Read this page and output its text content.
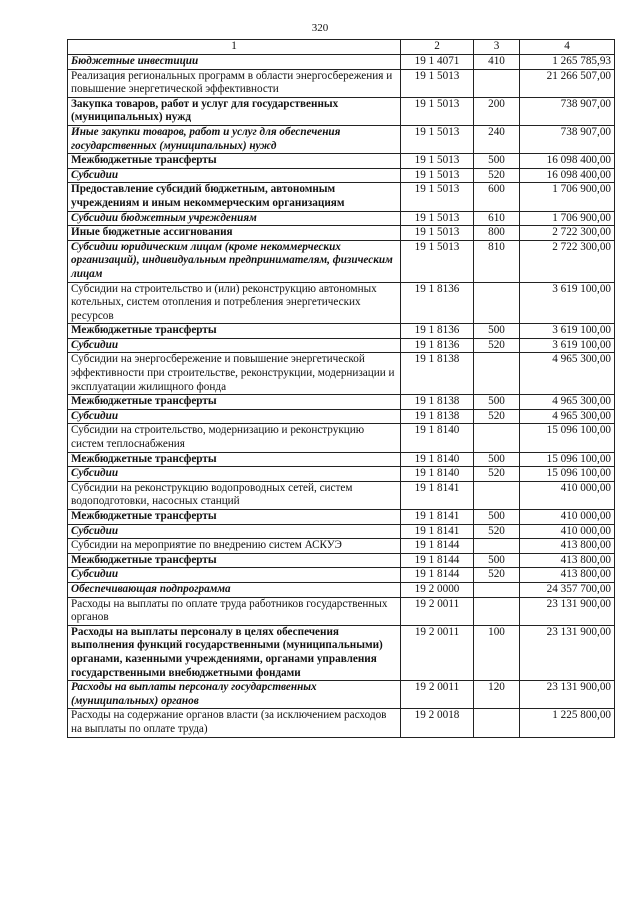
320
1	2	3	4
Бюджетные инвестиции	19 1 4071	410	1 265 785,93
Реализация региональных программ в области энергосбережения и повышение энергетической эффективности	19 1 5013		21 266 507,00
Закупка товаров, работ и услуг для государственных (муниципальных) нужд	19 1 5013	200	738 907,00
Иные закупки товаров, работ и услуг для обеспечения государственных (муниципальных) нужд	19 1 5013	240	738 907,00
Межбюджетные трансферты	19 1 5013	500	16 098 400,00
Субсидии	19 1 5013	520	16 098 400,00
Предоставление субсидий бюджетным, автономным учреждениям и иным некоммерческим организациям	19 1 5013	600	1 706 900,00
Субсидии бюджетным учреждениям	19 1 5013	610	1 706 900,00
Иные бюджетные ассигнования	19 1 5013	800	2 722 300,00
Субсидии юридическим лицам (кроме некоммерческих организаций), индивидуальным предпринимателям, физическим лицам	19 1 5013	810	2 722 300,00
Субсидии на строительство и (или) реконструкцию автономных котельных, систем отопления и потребления энергетических ресурсов	19 1 8136		3 619 100,00
Межбюджетные трансферты	19 1 8136	500	3 619 100,00
Субсидии	19 1 8136	520	3 619 100,00
Субсидии на энергосбережение и повышение энергетической эффективности при строительстве, реконструкции, модернизации и эксплуатации жилищного фонда	19 1 8138		4 965 300,00
Межбюджетные трансферты	19 1 8138	500	4 965 300,00
Субсидии	19 1 8138	520	4 965 300,00
Субсидии на строительство, модернизацию и реконструкцию систем теплоснабжения	19 1 8140		15 096 100,00
Межбюджетные трансферты	19 1 8140	500	15 096 100,00
Субсидии	19 1 8140	520	15 096 100,00
Субсидии на реконструкцию водопроводных сетей, систем водоподготовки, насосных станций	19 1 8141		410 000,00
Межбюджетные трансферты	19 1 8141	500	410 000,00
Субсидии	19 1 8141	520	410 000,00
Субсидии на мероприятие по внедрению систем АСКУЭ	19 1 8144		413 800,00
Межбюджетные трансферты	19 1 8144	500	413 800,00
Субсидии	19 1 8144	520	413 800,00
Обеспечивающая подпрограмма	19 2 0000		24 357 700,00
Расходы на выплаты по оплате труда работников государственных органов	19 2 0011		23 131 900,00
Расходы на выплаты персоналу в целях обеспечения выполнения функций государственными (муниципальными) органами, казенными учреждениями, органами управления государственными внебюджетными фондами	19 2 0011	100	23 131 900,00
Расходы на выплаты персоналу государственных (муниципальных) органов	19 2 0011	120	23 131 900,00
Расходы на содержание органов власти (за исключением расходов на выплаты по оплате труда)	19 2 0018		1 225 800,00
